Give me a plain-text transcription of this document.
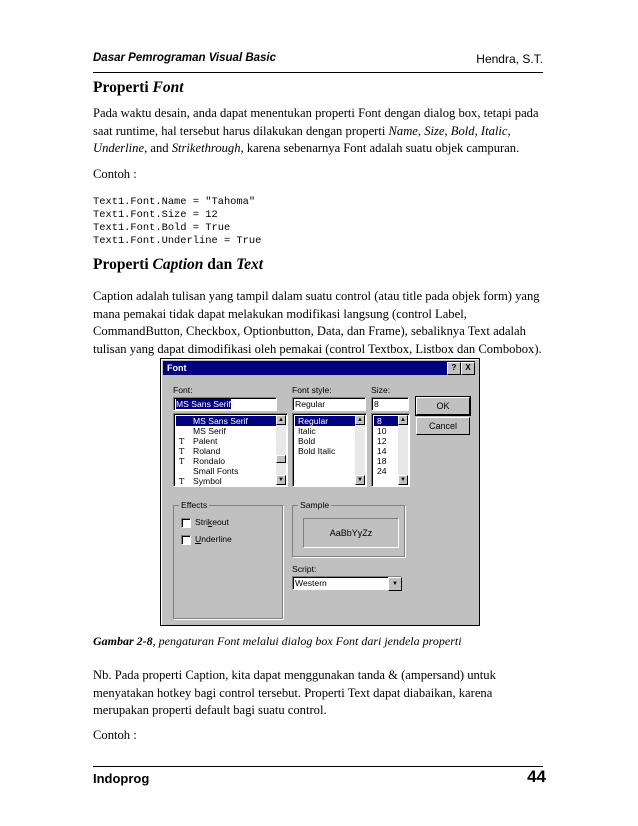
Dasar Pemrograman Visual Basic	Hendra, S.T.
Properti Font
Pada waktu desain, anda dapat menentukan properti Font dengan dialog box, tetapi pada saat runtime, hal tersebut harus dilakukan dengan properti Name, Size, Bold, Italic, Underline, and Strikethrough, karena sebenarnya Font adalah suatu objek campuran.
Contoh :
Text1.Font.Name = "Tahoma"
Text1.Font.Size = 12
Text1.Font.Bold = True
Text1.Font.Underline = True
Properti Caption dan Text
Caption adalah tulisan yang tampil dalam suatu control (atau title pada objek form) yang mana pemakai tidak dapat melakukan modifikasi langsung (control Label, CommandButton, Checkbox, Optionbutton, Data, dan Frame), sebaliknya Text adalah tulisan yang dapat dimodifikasi oleh pemakai (control Textbox, Listbox dan Combobox).
Font	?	X
Font:
MS Sans Serif
MS Sans Serif
MS Serif
T Palent
T Roland
T Rondalo
Small Fonts
T Symbol
▲
▼
Font style:
Regular
Regular
Italic
Bold
Bold Italic
▲
▼
Size:
8
8
10
12
14
18
24
▲
▼
OK
Cancel
Effects
Strikeout
Underline
Sample
AaBbYyZz
Script:
Western	▼
Gambar 2-8, pengaturan Font melalui dialog box Font dari jendela properti
Nb. Pada properti Caption, kita dapat menggunakan tanda & (ampersand) untuk menyatakan hotkey bagi control tersebut. Properti Text dapat diabaikan, karena merupakan properti default bagi suatu control.
Contoh :
Indoprog	44
